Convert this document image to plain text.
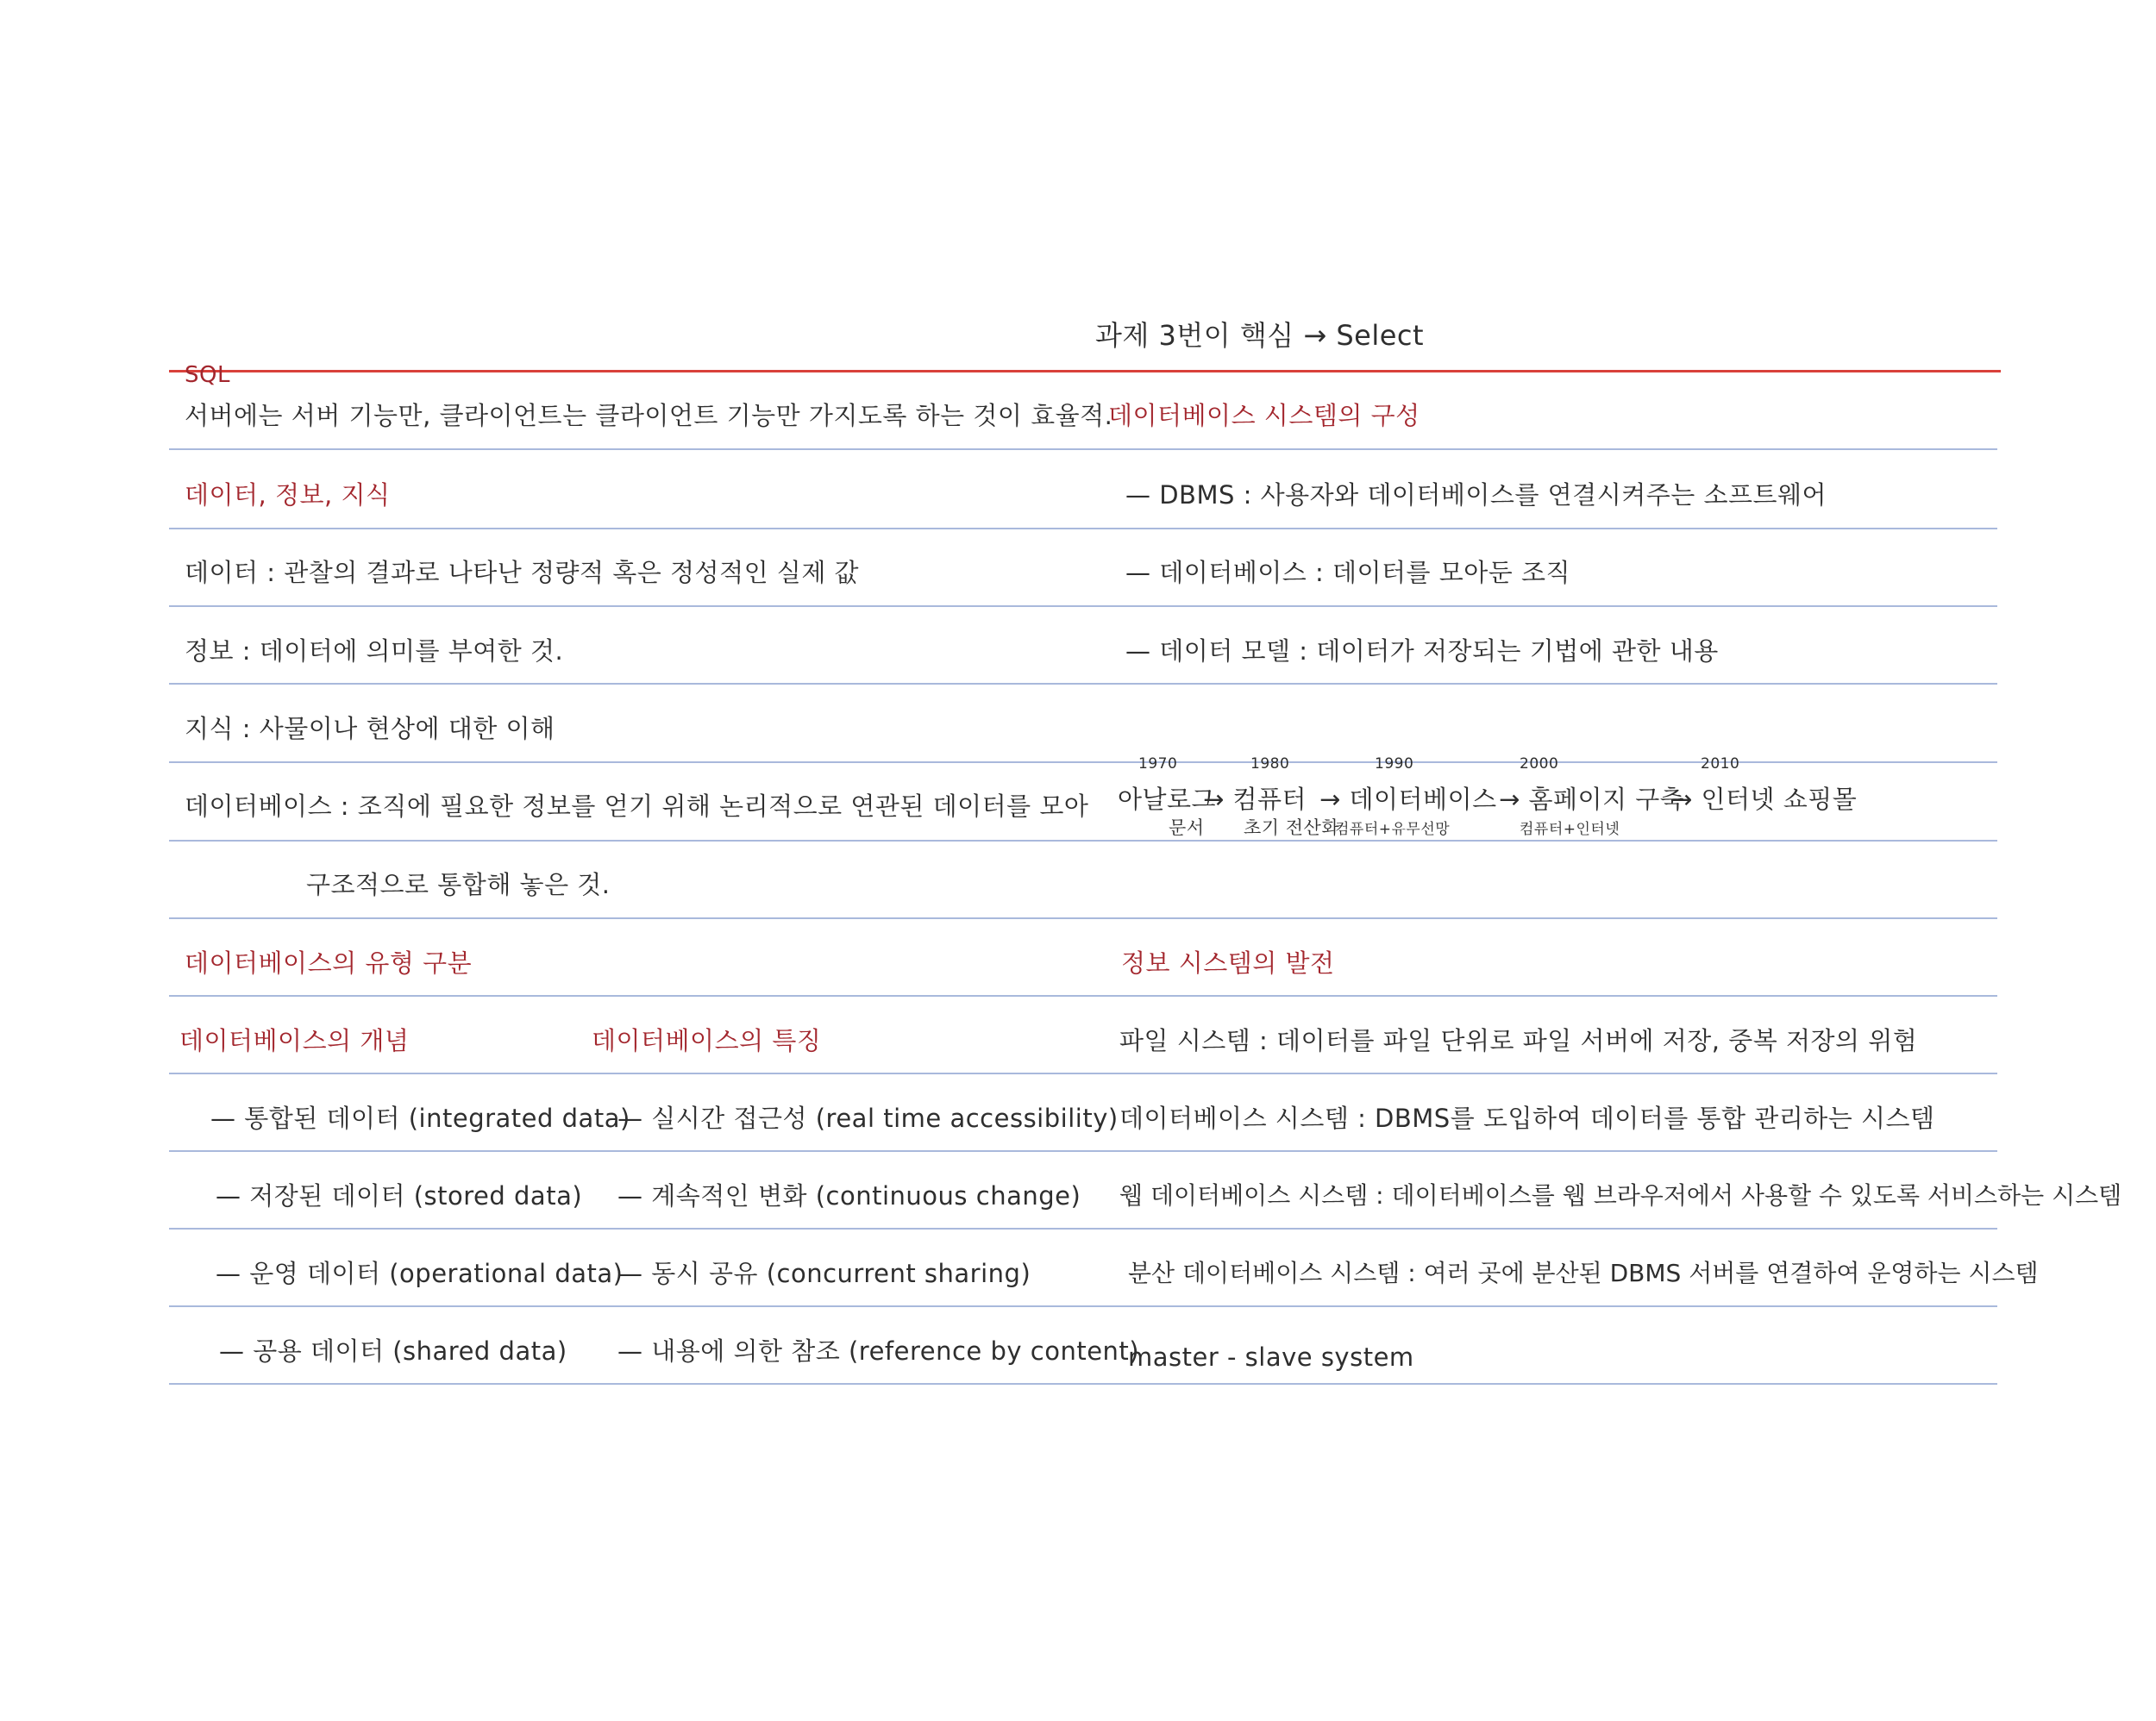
과제 3번이 핵심 → Select
SQL
서버에는 서버 기능만, 클라이언트는 클라이언트 기능만 가지도록 하는 것이 효율적.
데이터, 정보, 지식
데이터 : 관찰의 결과로 나타난 정량적 혹은 정성적인 실제 값
정보 : 데이터에 의미를 부여한 것.
지식 : 사물이나 현상에 대한 이해
데이터베이스 : 조직에 필요한 정보를 얻기 위해 논리적으로 연관된 데이터를 모아
구조적으로 통합해 놓은 것.
데이터베이스의 유형 구분
데이터베이스의 개념
— 통합된 데이터 (integrated data)
— 저장된 데이터 (stored data)
— 운영 데이터 (operational data)
— 공용 데이터 (shared data)
데이터베이스의 특징
— 실시간 접근성 (real time accessibility)
— 계속적인 변화 (continuous change)
— 동시 공유 (concurrent sharing)
— 내용에 의한 참조 (reference by content)
데이터베이스 시스템의 구성
— DBMS : 사용자와 데이터베이스를 연결시켜주는 소프트웨어
— 데이터베이스 : 데이터를 모아둔 조직
— 데이터 모델 : 데이터가 저장되는 기법에 관한 내용
1970	1980	1990	2000	2010
아날로그
→ 컴퓨터 → 데이터베이스 → 홈페이지 구축
→ 인터넷 쇼핑몰
문서 초기 전산화
컴퓨터+유무선망	컴퓨터+인터넷
정보 시스템의 발전
파일 시스템 : 데이터를 파일 단위로 파일 서버에 저장, 중복 저장의 위험
데이터베이스 시스템 : DBMS를 도입하여 데이터를 통합 관리하는 시스템
웹 데이터베이스 시스템 : 데이터베이스를 웹 브라우저에서 사용할 수 있도록 서비스하는 시스템
분산 데이터베이스 시스템 : 여러 곳에 분산된 DBMS 서버를 연결하여 운영하는 시스템
master - slave system
